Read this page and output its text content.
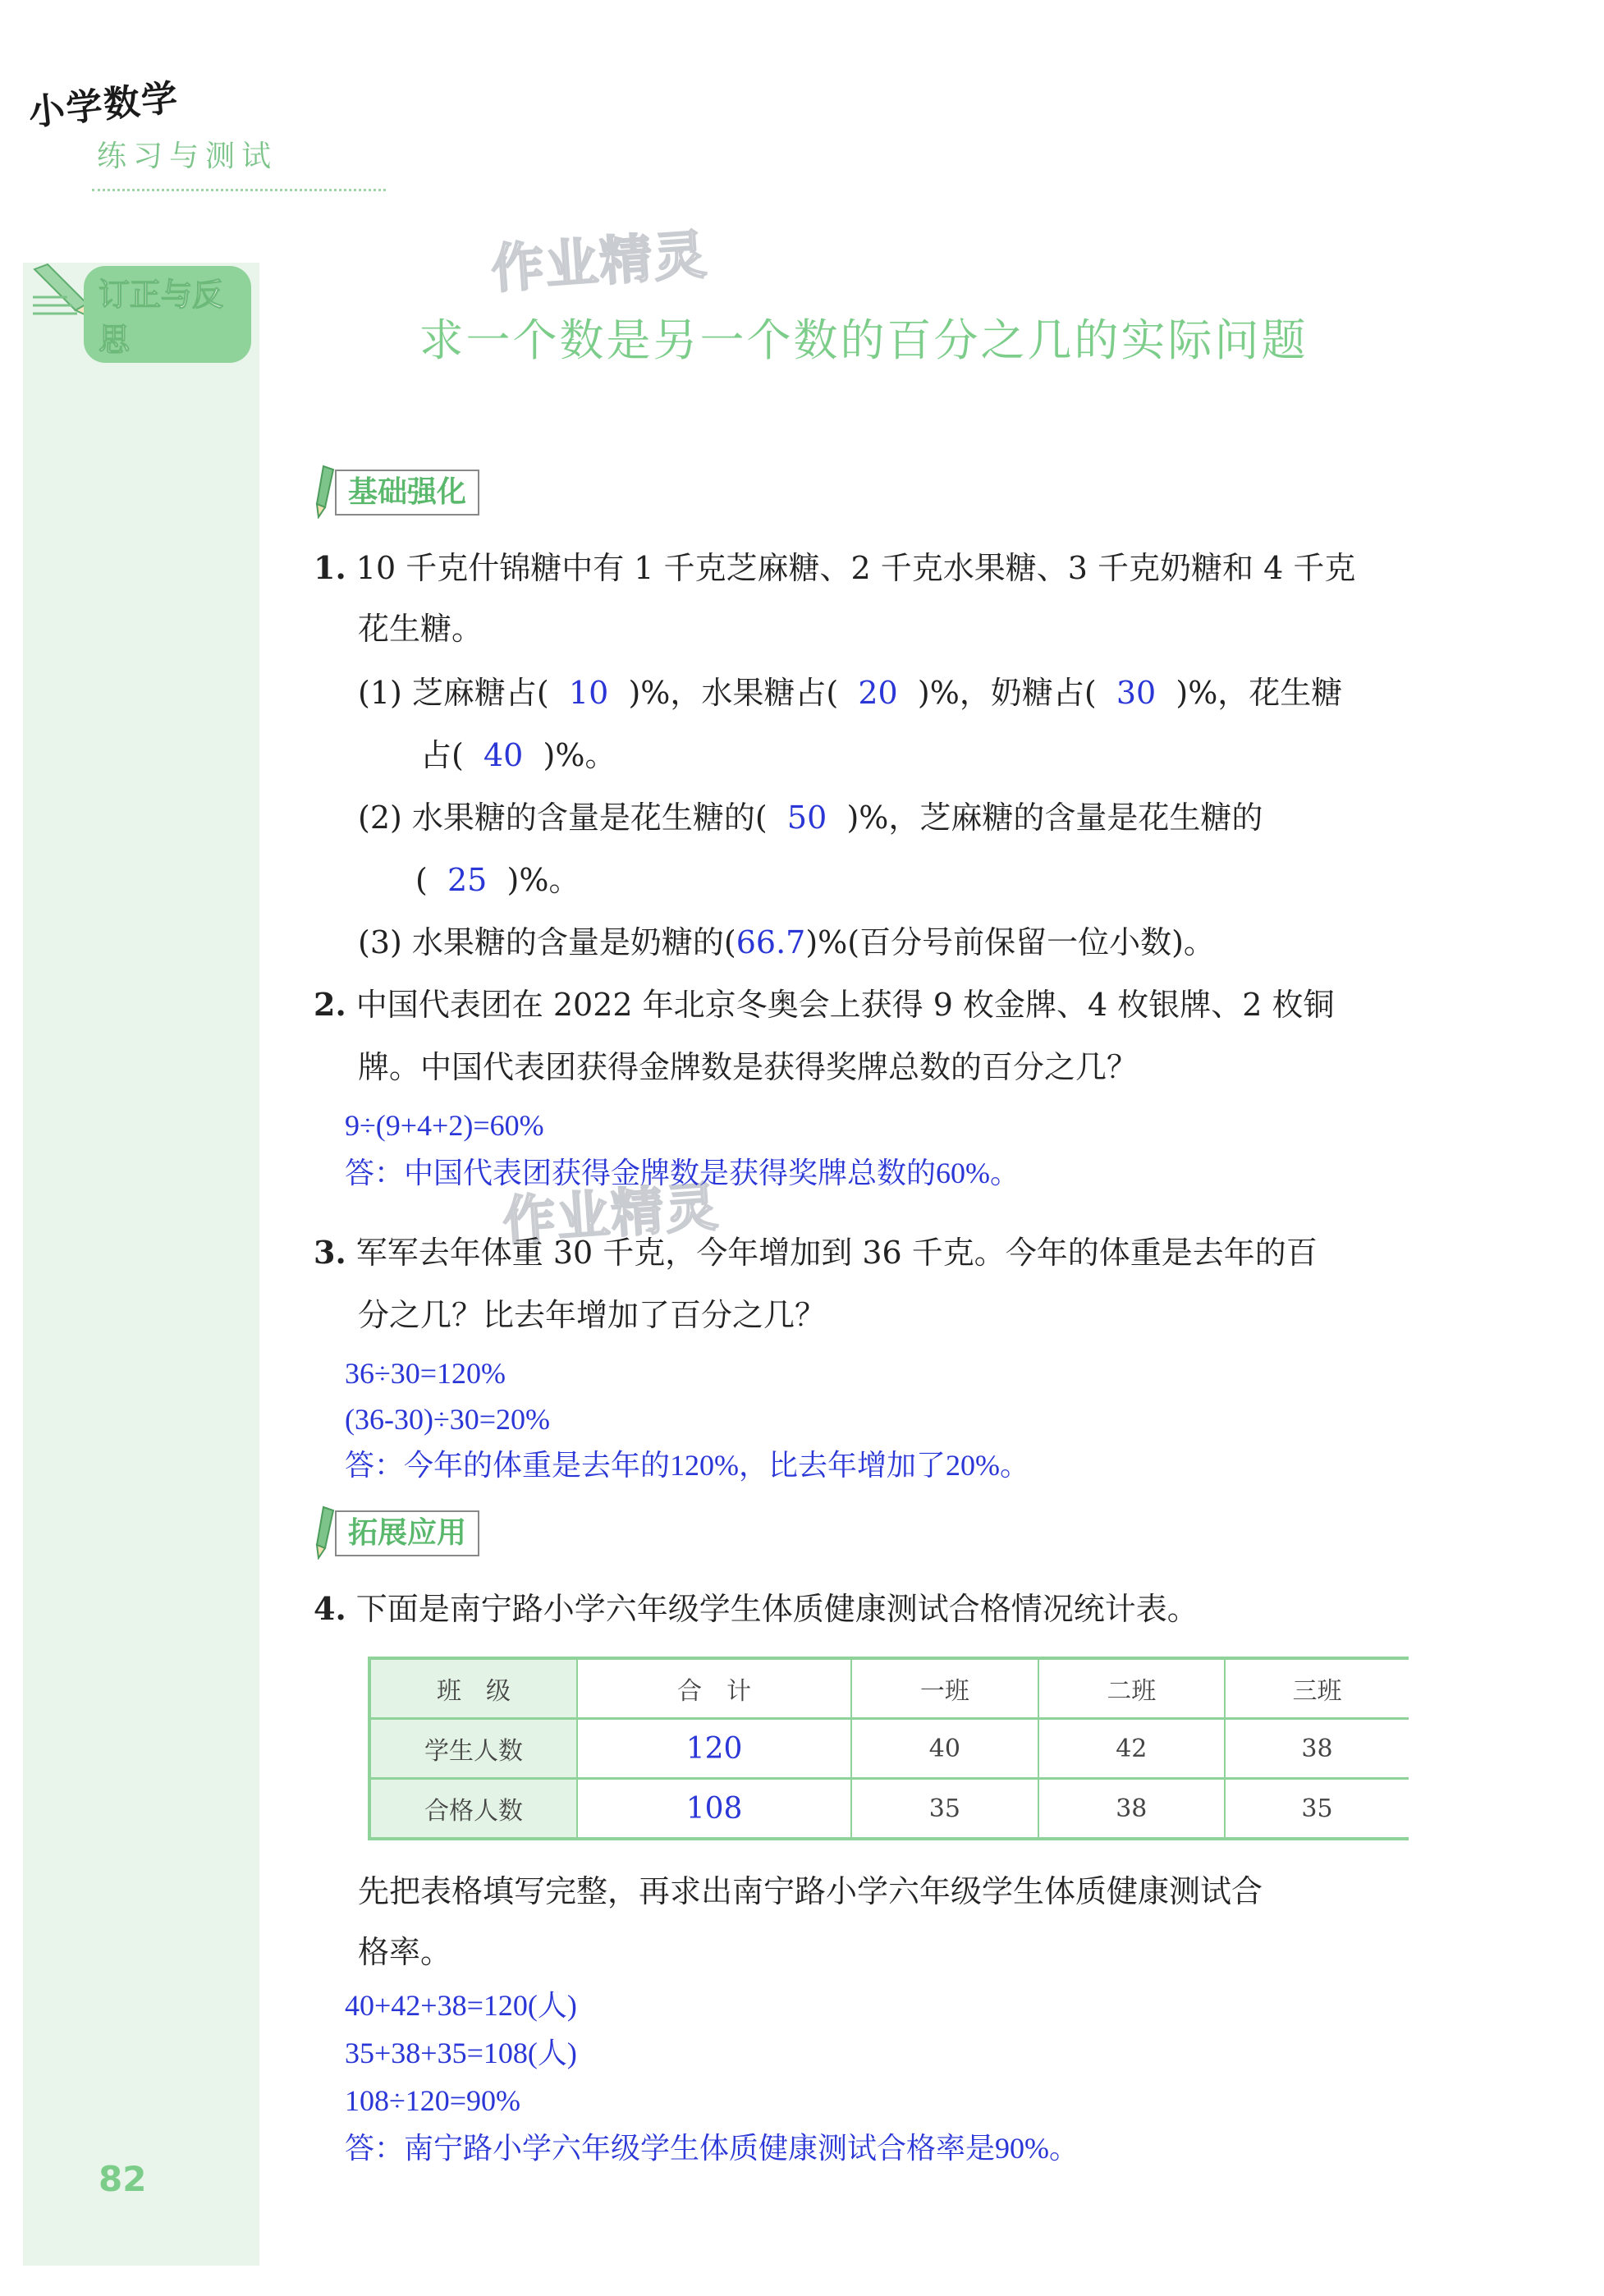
小学数学
练习与测试
订正与反思
作业精灵
作业精灵
求一个数是另一个数的百分之几的实际问题
基础强化
1. 10 千克什锦糖中有 1 千克芝麻糖、2 千克水果糖、3 千克奶糖和 4 千克
花生糖。
(1) 芝麻糖占( 10 )%，水果糖占( 20 )%，奶糖占( 30 )%，花生糖
占( 40 )%。
(2) 水果糖的含量是花生糖的( 50 )%，芝麻糖的含量是花生糖的
( 25 )%。
(3) 水果糖的含量是奶糖的(66.7)%(百分号前保留一位小数)。
2. 中国代表团在 2022 年北京冬奥会上获得 9 枚金牌、4 枚银牌、2 枚铜
牌。中国代表团获得金牌数是获得奖牌总数的百分之几？
9÷(9+4+2)=60%
答：中国代表团获得金牌数是获得奖牌总数的60%。
3. 军军去年体重 30 千克，今年增加到 36 千克。今年的体重是去年的百
分之几？比去年增加了百分之几？
36÷30=120%
(36-30)÷30=20%
答：今年的体重是去年的120%，比去年增加了20%。
拓展应用
4. 下面是南宁路小学六年级学生体质健康测试合格情况统计表。
班　级	合　计	一班	二班	三班
学生人数	120	40	42	38
合格人数	108	35	38	35
先把表格填写完整，再求出南宁路小学六年级学生体质健康测试合
格率。
40+42+38=120(人)
35+38+35=108(人)
108÷120=90%
答：南宁路小学六年级学生体质健康测试合格率是90%。
82
